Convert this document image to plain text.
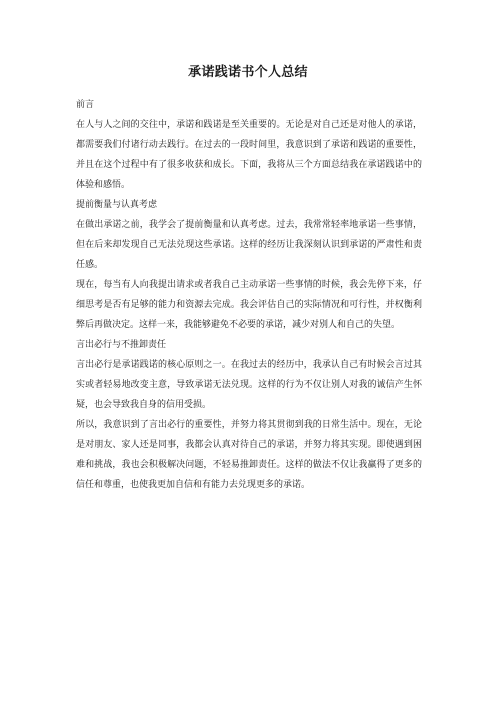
承诺践诺书个人总结

前言

在人与人之间的交往中，承诺和践诺是至关重要的。无论是对自己还是对他人的承诺，都需要我们付诸行动去践行。在过去的一段时间里，我意识到了承诺和践诺的重要性，并且在这个过程中有了很多收获和成长。下面，我将从三个方面总结我在承诺践诺中的体验和感悟。

提前衡量与认真考虑

在做出承诺之前，我学会了提前衡量和认真考虑。过去，我常常轻率地承诺一些事情，但在后来却发现自己无法兑现这些承诺。这样的经历让我深刻认识到承诺的严肃性和责任感。

现在，每当有人向我提出请求或者我自己主动承诺一些事情的时候，我会先停下来，仔细思考是否有足够的能力和资源去完成。我会评估自己的实际情况和可行性，并权衡利弊后再做决定。这样一来，我能够避免不必要的承诺，减少对别人和自己的失望。

言出必行与不推卸责任

言出必行是承诺践诺的核心原则之一。在我过去的经历中，我承认自己有时候会言过其实或者轻易地改变主意，导致承诺无法兑现。这样的行为不仅让别人对我的诚信产生怀疑，也会导致我自身的信用受损。

所以，我意识到了言出必行的重要性，并努力将其贯彻到我的日常生活中。现在，无论是对朋友、家人还是同事，我都会认真对待自己的承诺，并努力将其实现。即使遇到困难和挑战，我也会积极解决问题，不轻易推卸责任。这样的做法不仅让我赢得了更多的信任和尊重，也使我更加自信和有能力去兑现更多的承诺。
